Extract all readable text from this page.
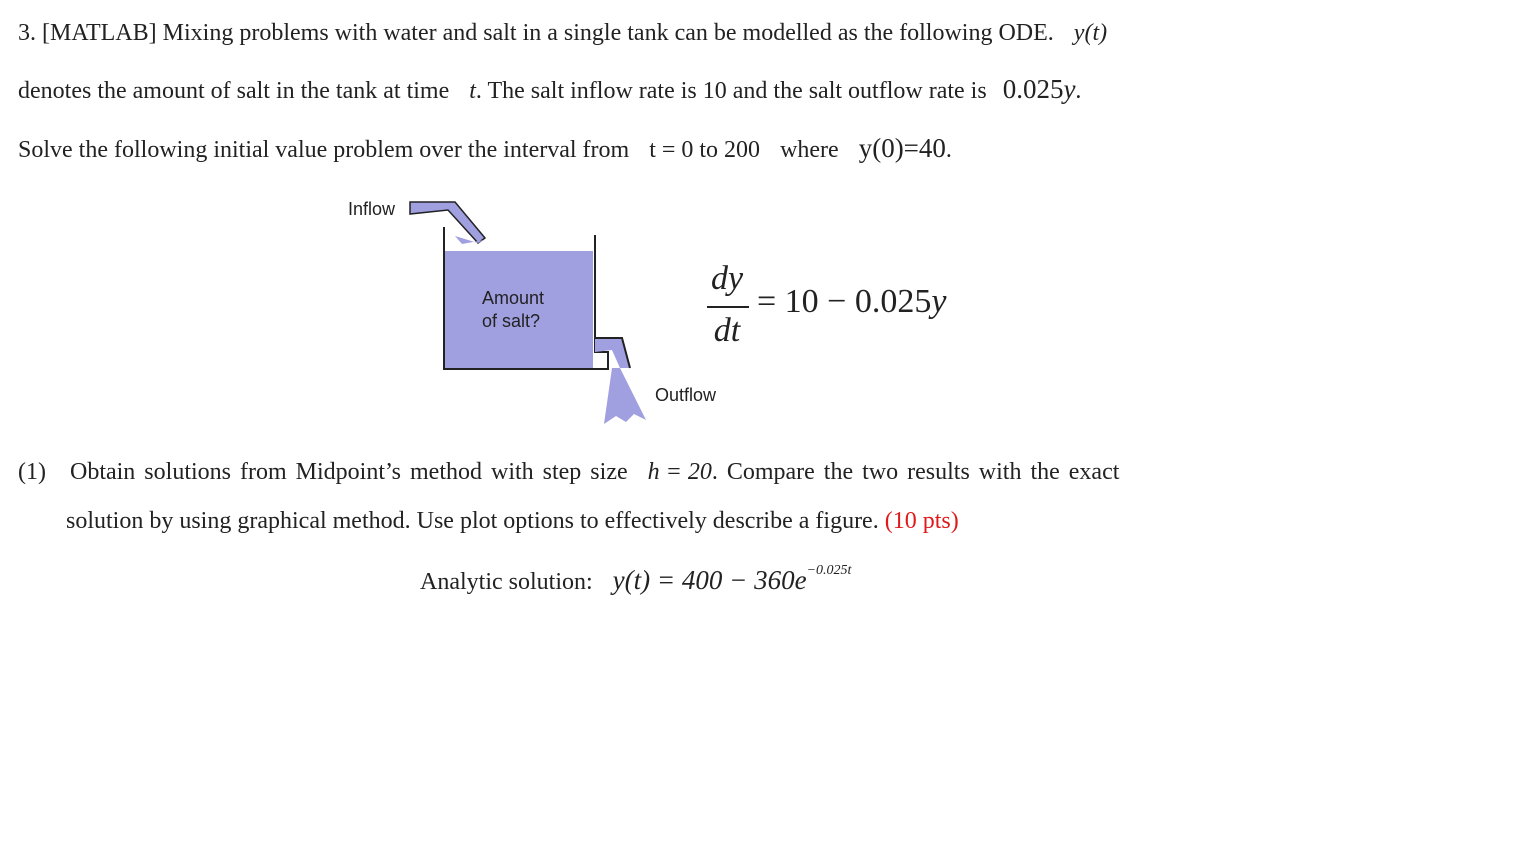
3. [MATLAB] Mixing problems with water and salt in a single tank can be modelled as the following ODE. y(t)
denotes the amount of salt in the tank at time t. The salt inflow rate is 10 and the salt outflow rate is 0.025y.
Solve the following initial value problem over the interval from t = 0 to 200 where y(0)=40.
Inflow
Amount
of salt?
Outflow
dy
dt
= 10 − 0.025y
(1) Obtain solutions from Midpoint’s method with step size h = 20. Compare the two results with the exact
solution by using graphical method. Use plot options to effectively describe a figure. (10 pts)
Analytic solution: $y(t) = 400 - 360e^{-0.025t}$
